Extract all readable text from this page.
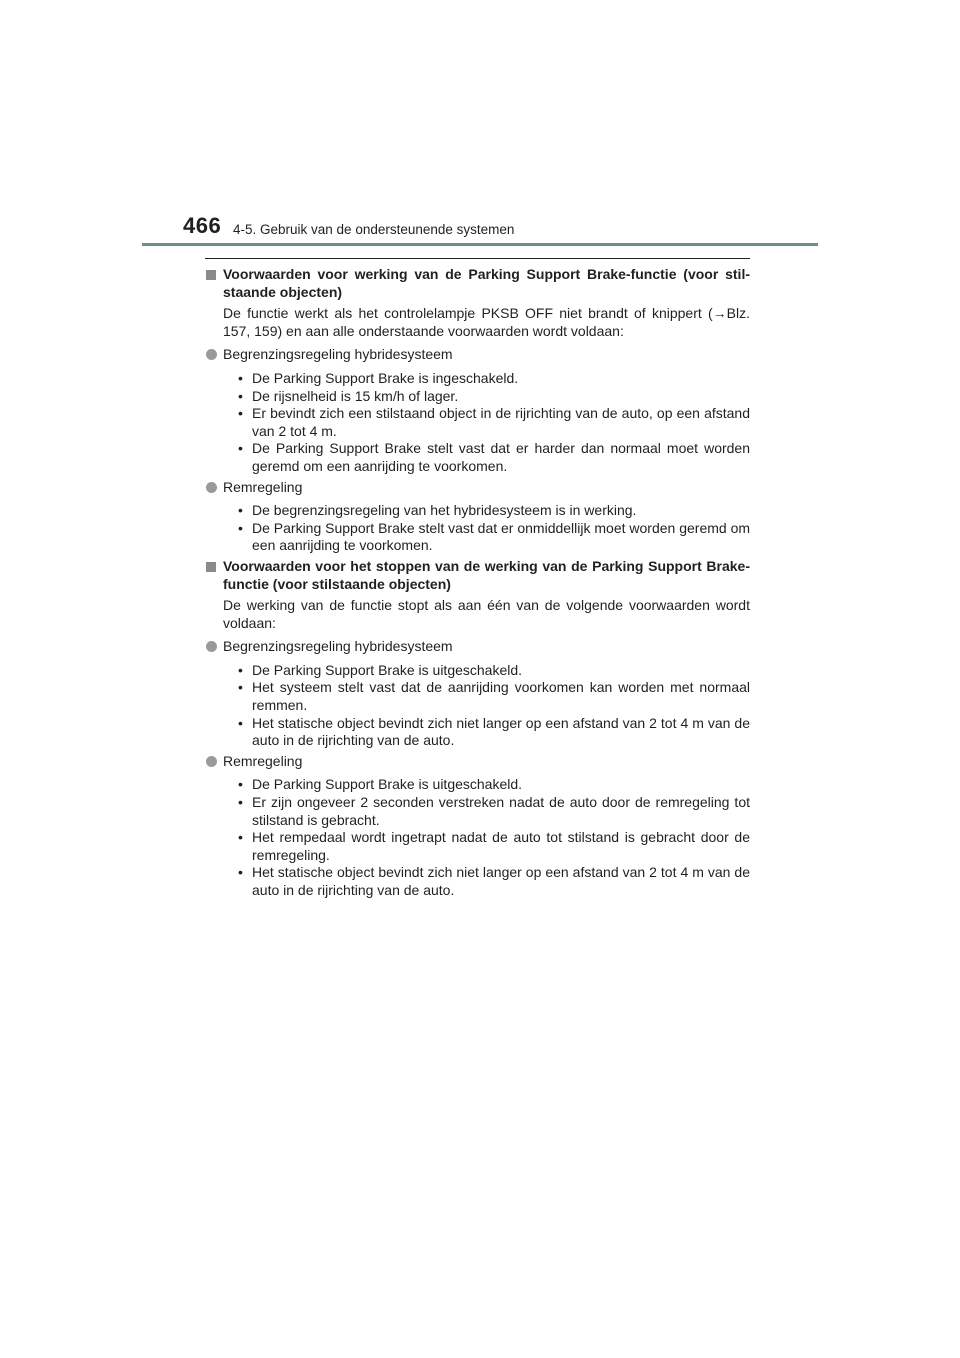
466 4-5. Gebruik van de ondersteunende systemen
Voorwaarden voor werking van de Parking Support Brake-functie (voor stil-staande objecten)
De functie werkt als het controlelampje PKSB OFF niet brandt of knippert (→Blz. 157, 159) en aan alle onderstaande voorwaarden wordt voldaan:
Begrenzingsregeling hybridesysteem
• De Parking Support Brake is ingeschakeld.
• De rijsnelheid is 15 km/h of lager.
• Er bevindt zich een stilstaand object in de rijrichting van de auto, op een afstand van 2 tot 4 m.
• De Parking Support Brake stelt vast dat er harder dan normaal moet worden geremd om een aanrijding te voorkomen.
Remregeling
• De begrenzingsregeling van het hybridesysteem is in werking.
• De Parking Support Brake stelt vast dat er onmiddellijk moet worden geremd om een aanrijding te voorkomen.
Voorwaarden voor het stoppen van de werking van de Parking Support Brake-functie (voor stilstaande objecten)
De werking van de functie stopt als aan één van de volgende voorwaarden wordt voldaan:
Begrenzingsregeling hybridesysteem
• De Parking Support Brake is uitgeschakeld.
• Het systeem stelt vast dat de aanrijding voorkomen kan worden met normaal remmen.
• Het statische object bevindt zich niet langer op een afstand van 2 tot 4 m van de auto in de rijrichting van de auto.
Remregeling
• De Parking Support Brake is uitgeschakeld.
• Er zijn ongeveer 2 seconden verstreken nadat de auto door de remregeling tot stilstand is gebracht.
• Het rempedaal wordt ingetrapt nadat de auto tot stilstand is gebracht door de remregeling.
• Het statische object bevindt zich niet langer op een afstand van 2 tot 4 m van de auto in de rijrichting van de auto.
